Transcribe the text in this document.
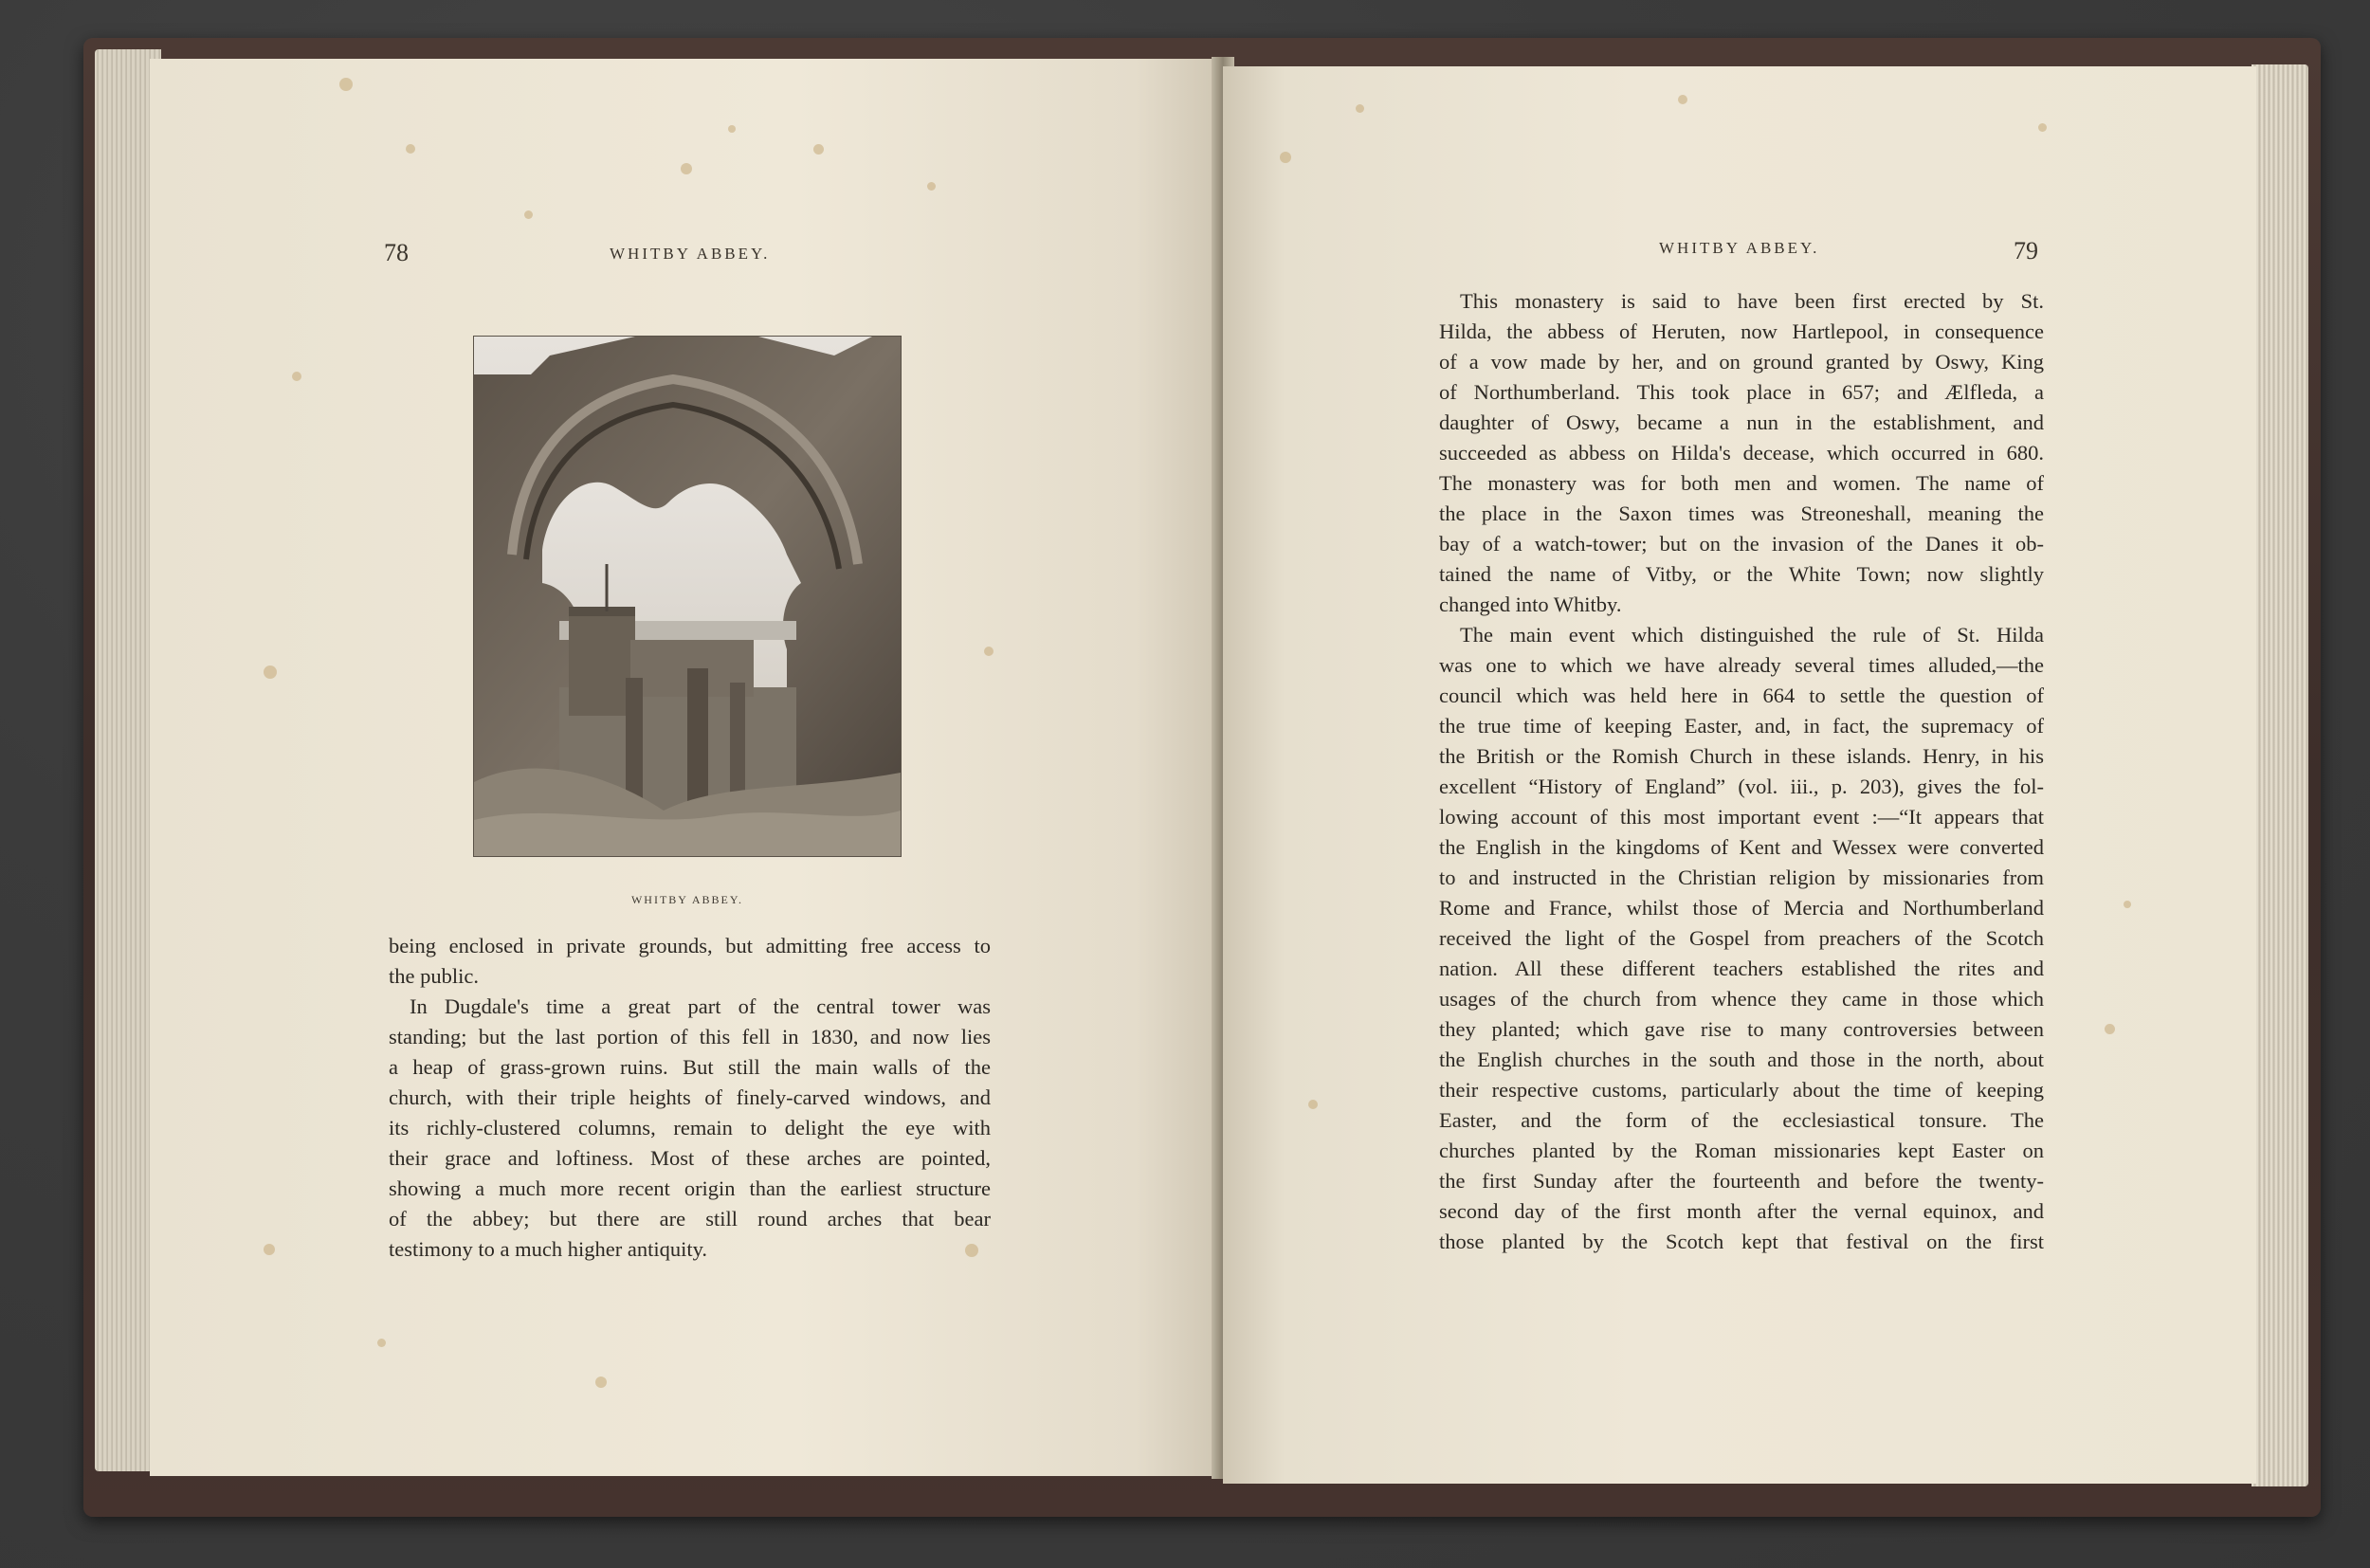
78	WHITBY ABBEY.	WHITBY ABBEY.	79
WHITBY ABBEY.
being enclosed in private grounds, but admitting free access to
the public.
In Dugdale's time a great part of the central tower was
standing; but the last portion of this fell in 1830, and now lies
a heap of grass-grown ruins. But still the main walls of the
church, with their triple heights of finely-carved windows, and
its richly-clustered columns, remain to delight the eye with
their grace and loftiness. Most of these arches are pointed,
showing a much more recent origin than the earliest structure
of the abbey; but there are still round arches that bear
testimony to a much higher antiquity.
This monastery is said to have been first erected by St.
Hilda, the abbess of Heruten, now Hartlepool, in consequence
of a vow made by her, and on ground granted by Oswy, King
of Northumberland. This took place in 657; and Ælfleda, a
daughter of Oswy, became a nun in the establishment, and
succeeded as abbess on Hilda's decease, which occurred in 680.
The monastery was for both men and women. The name of
the place in the Saxon times was Streoneshall, meaning the
bay of a watch-tower; but on the invasion of the Danes it ob-
tained the name of Vitby, or the White Town; now slightly
changed into Whitby.
The main event which distinguished the rule of St. Hilda
was one to which we have already several times alluded,—the
council which was held here in 664 to settle the question of
the true time of keeping Easter, and, in fact, the supremacy of
the British or the Romish Church in these islands. Henry, in his
excellent “History of England” (vol. iii., p. 203), gives the fol-
lowing account of this most important event :—“It appears that
the English in the kingdoms of Kent and Wessex were converted
to and instructed in the Christian religion by missionaries from
Rome and France, whilst those of Mercia and Northumberland
received the light of the Gospel from preachers of the Scotch
nation. All these different teachers established the rites and
usages of the church from whence they came in those which
they planted; which gave rise to many controversies between
the English churches in the south and those in the north, about
their respective customs, particularly about the time of keeping
Easter, and the form of the ecclesiastical tonsure. The
churches planted by the Roman missionaries kept Easter on
the first Sunday after the fourteenth and before the twenty-
second day of the first month after the vernal equinox, and
those planted by the Scotch kept that festival on the first
